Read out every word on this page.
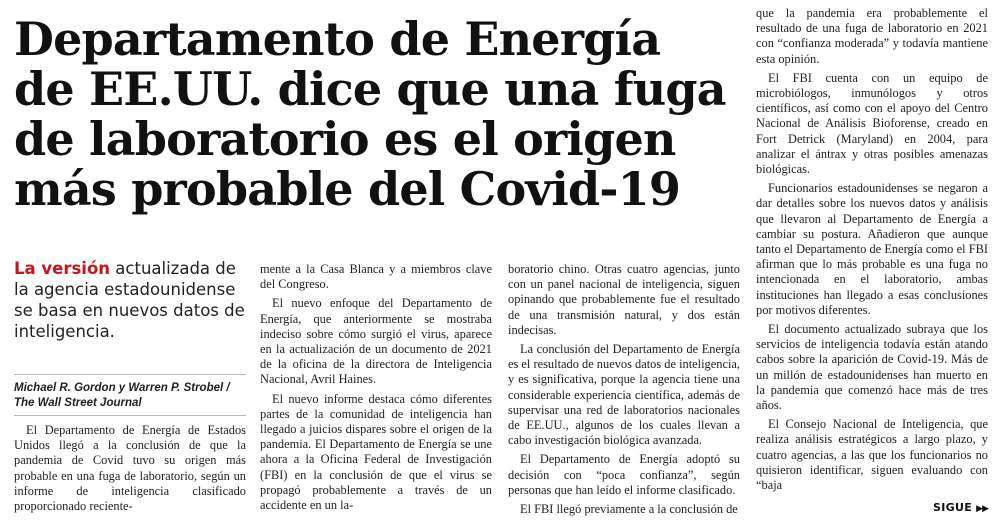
Departamento de Energía de EE.UU. dice que una fuga de laboratorio es el origen más probable del Covid-19

La versión actualizada de la agencia estadounidense se basa en nuevos datos de inteligencia.

Michael R. Gordon y Warren P. Strobel / The Wall Street Journal

El Departamento de Energía de Estados Unidos llegó a la conclusión de que la pandemia de Covid tuvo su origen más probable en una fuga de laboratorio, según un informe de inteligencia clasificado proporcionado reciente-

mente a la Casa Blanca y a miembros clave del Congreso.

El nuevo enfoque del Departamento de Energía, que anteriormente se mostraba indeciso sobre cómo surgió el virus, aparece en la actualización de un documento de 2021 de la oficina de la directora de Inteligencia Nacional, Avril Haines.

El nuevo informe destaca cómo diferentes partes de la comunidad de inteligencia han llegado a juicios dispares sobre el origen de la pandemia. El Departamento de Energía se une ahora a la Oficina Federal de Investigación (FBI) en la conclusión de que el virus se propagó probablemente a través de un accidente en un la-

boratorio chino. Otras cuatro agencias, junto con un panel nacional de inteligencia, siguen opinando que probablemente fue el resultado de una transmisión natural, y dos están indecisas.

La conclusión del Departamento de Energía es el resultado de nuevos datos de inteligencia, y es significativa, porque la agencia tiene una considerable experiencia científica, además de supervisar una red de laboratorios nacionales de EE.UU., algunos de los cuales llevan a cabo investigación biológica avanzada.

El Departamento de Energía adoptó su decisión con “poca confianza”, según personas que han leído el informe clasificado.

El FBI llegó previamente a la conclusión de

que la pandemia era probablemente el resultado de una fuga de laboratorio en 2021 con “confianza moderada” y todavía mantiene esta opinión.

El FBI cuenta con un equipo de microbiólogos, inmunólogos y otros científicos, así como con el apoyo del Centro Nacional de Análisis Bioforense, creado en Fort Detrick (Maryland) en 2004, para analizar el ántrax y otras posibles amenazas biológicas.

Funcionarios estadounidenses se negaron a dar detalles sobre los nuevos datos y análisis que llevaron al Departamento de Energía a cambiar su postura. Añadieron que aunque tanto el Departamento de Energía como el FBI afirman que lo más probable es una fuga no intencionada en el laboratorio, ambas instituciones han llegado a esas conclusiones por motivos diferentes.

El documento actualizado subraya que los servicios de inteligencia todavía están atando cabos sobre la aparición de Covid-19. Más de un millón de estadounidenses han muerto en la pandemia que comenzó hace más de tres años.

El Consejo Nacional de Inteligencia, que realiza análisis estratégicos a largo plazo, y cuatro agencias, a las que los funcionarios no quisieron identificar, siguen evaluando con “baja

SIGUE ▶▶
